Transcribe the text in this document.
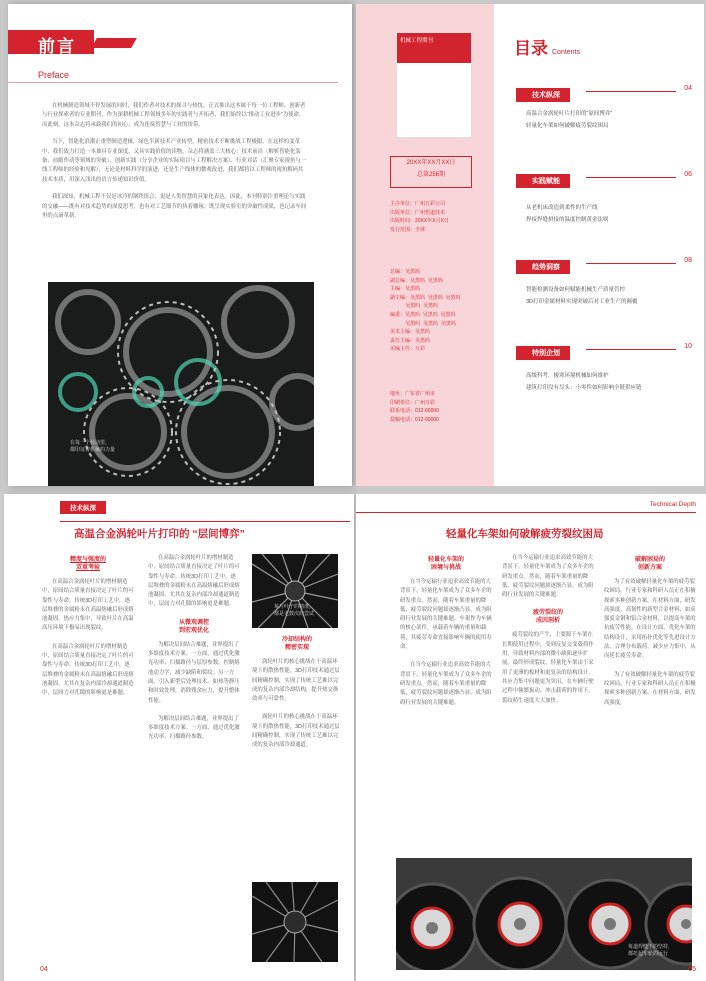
前言
Preface

在机械制造领域不停发展的同时，我们作者对技术的探寻与热忱，正式推出这本属于每一位工程师、创新者与行业探索者的专业期刊，作为深耕机械工程领域多年的实践者与开拓者，我们始终以“推动工业进步”为使命，而此刻，这本杂志将承载我们的初心，成为连接智慧与工业的纽带。

当下，智能化浪潮正重塑制造逻辑，绿色半新技术产业转型，精密技术不断挑战工程极限。在这样的变革中，我们致力打造一本兼具专业深度、又具实践价值的读物。杂志将涵盖三大核心：技术前沿（解析智能化装备、前瞻作动等领域的突破）、创新实践（分享企业的实际项目与工程解决方案）、行业对话（汇聚专家视角与一线工程师的经验和见解），无论是材料科学的演进，还是生产线体的微观改进，我们都将以工程师的视角解码其技术本质，用深入浅出的语言传递知识价值。

我们深知，机械工程不仅是冰冷的钢铁组合，更是人类智慧的具象化表达。因此，本刊特别注重理论与实践的交融——既有对技术趋势的深度思考，也有对工艺细节的执着雕琢；既呈现实验室的突破性成果，也记录车间里的点滴革新。

在每一个转动里，
都印证着机械的力量
机械工程期刊
20XX年XX月XX日
总第256期
主办单位：广州万彩公司
出版单位：广州悟道技术
出版时间：20XX年X月X日
发行范围：全球
总编：吴黑吗
副总编：吴黑吗  吴黑吗
主编：吴黑吗
副主编：吴黑吗  吴黑吗  吴黑吗
吴黑吗  吴黑吗
编委：吴黑吗  吴黑吗  吴黑吗
吴黑吗  吴黑吗  吴黑吗
美术主编：吴黑吗
责任主编：吴黑吗
美编主任：万彩
地址：广东省广州市
印刷单位：广州万彩
联系电话：012-00000
投稿电话：012-00000
目录 Contents
技术纵深
04
高温合金涡轮叶片打印的“原间博弈”
轻量化车架如何破解疲劳裂纹困局
实践赋能
06
从老机床改造到柔性的生产线
焊接焊缝拼接的温度控制黄金法则
趋势洞察
08
智能检测设备如何赋能机械生产质量管控
3D打印金属材料实现突破后对工业生产的颠覆
特别企划
10
高级科考，极寒环境机械如何维护
建筑打印没有尽头：小零件如何影响全链供应链
技术纵深
高温合金涡轮叶片打印的 “层间博弈”
精度与强度的
双重考验

在高温合金涡轮叶片的增材制造中，原间结合质量直接决定了叶片的可靠性与寿命。传统3D打印工艺中，逐层堆叠的金属粉末在高温熔融后形成熔池凝固，热应力集中，导致叶片在高温高压环境下极易出现裂纹。

在高温合金涡轮叶片的增材制造中，原间结合质量直接决定了叶片的可靠性与寿命。传统3D打印工艺中，逐层堆叠的金属粉末在高温熔融后形成熔池凝固，尤其在复杂内部冷却通道制造中，层间力对孔隙的影响更是难题。

在高温合金涡轮叶片的增材制造中，原间结合质量直接决定了叶片的可靠性与寿命。传统3D打印工艺中，逐层堆叠的金属粉末在高温熔融后形成熔池凝固，尤其在复杂内部冷却通道制造中，层间力对孔隙的影响更是难题。

从微观调控
到宏观优化

为解决层间结合难题，业界提出了多维度技术方案。一方面，通过优化激光功率、扫描路径与层厚参数，控制熔池动力学，减少缺陷和裂纹；另一方面，引入新型后处理技术。如热等静压和时效处理，消除残余应力，提升整体性能。

为解决层间结合难题，业界提出了多维度技术方案。一方面，通过优化激光功率、扫描路径参数。

每片叶子的精准，
都是无数次的尝试
冷却结构的
精密实现

涡轮叶片的核心挑战在于高温环境下的散热性能，3D打印技术通过层间精确控制，实现了传统工艺难以完成的复杂内部冷却结构，提升热交换效率与可靠性。

涡轮叶片的核心挑战在于高温环境下的散热性能，3D打印技术通过层间精确控制，实现了传统工艺难以完成的复杂内部冷却通道。

04
Technical Depth
轻量化车架如何破解疲劳裂纹困局
轻量化车架的
困境与挑战

在当今运输行业追求高效节能的大背景下，轻量化车架成为了众多车企的研发重点。然而，随着车架重量的降低，疲劳裂纹问题却逐渐凸显，成为阻碍行业发展的关键难题。车架作为车辆的核心部件，承载着车辆的重量和载荷，其疲劳寿命直接影响车辆的使用寿命。

在当今运输行业追求高效节能的大背景下，轻量化车架成为了众多车企的研发重点。然而，随着车架重量的降低，疲劳裂纹问题却逐渐凸显，成为阻碍行业发展的关键难题。

在当今运输行业追求高效节能的大背景下，轻量化车架成为了众多车企的研发重点。然而，随着车架重量的降低，疲劳裂纹问题却逐渐凸显，成为阻碍行业发展的关键难题。

疲劳裂纹的
成因剖析

疲劳裂纹的产生，主要源于车架在长期使用过程中，受到反复交变载荷作用，导致材料内部的微小缺陷逐步扩展。最终形成裂纹。轻量化车架由于采用了更薄的板材和更复杂的结构设计，其应力集中问题更为突出，在车辆行驶过程中频繁振动、冲击载荷的作用下，裂纹萌生速度大大加快。

破解困局的
创新方案

为了有效破解轻量化车架的疲劳裂纹困局，行业专家和科研人员正在积极探索多种创新方案。在材料方面，研发高强度、高韧性的新型合金材料，如高强度金钢和铝合金材料，以提高车架的抗疲劳性能。在设计方面，优化车架的结构设计，采用拓扑优化等先进设计方法，合理分布载荷，减少应力集中，从而延长疲劳寿命。

为了有效破解轻量化车架的疲劳裂纹困局，行业专家和科研人员正在积极探索多种创新方案。在材料方面，研发高强度。

每道焊缝下的坚持，
都托起车轮的远行
05
